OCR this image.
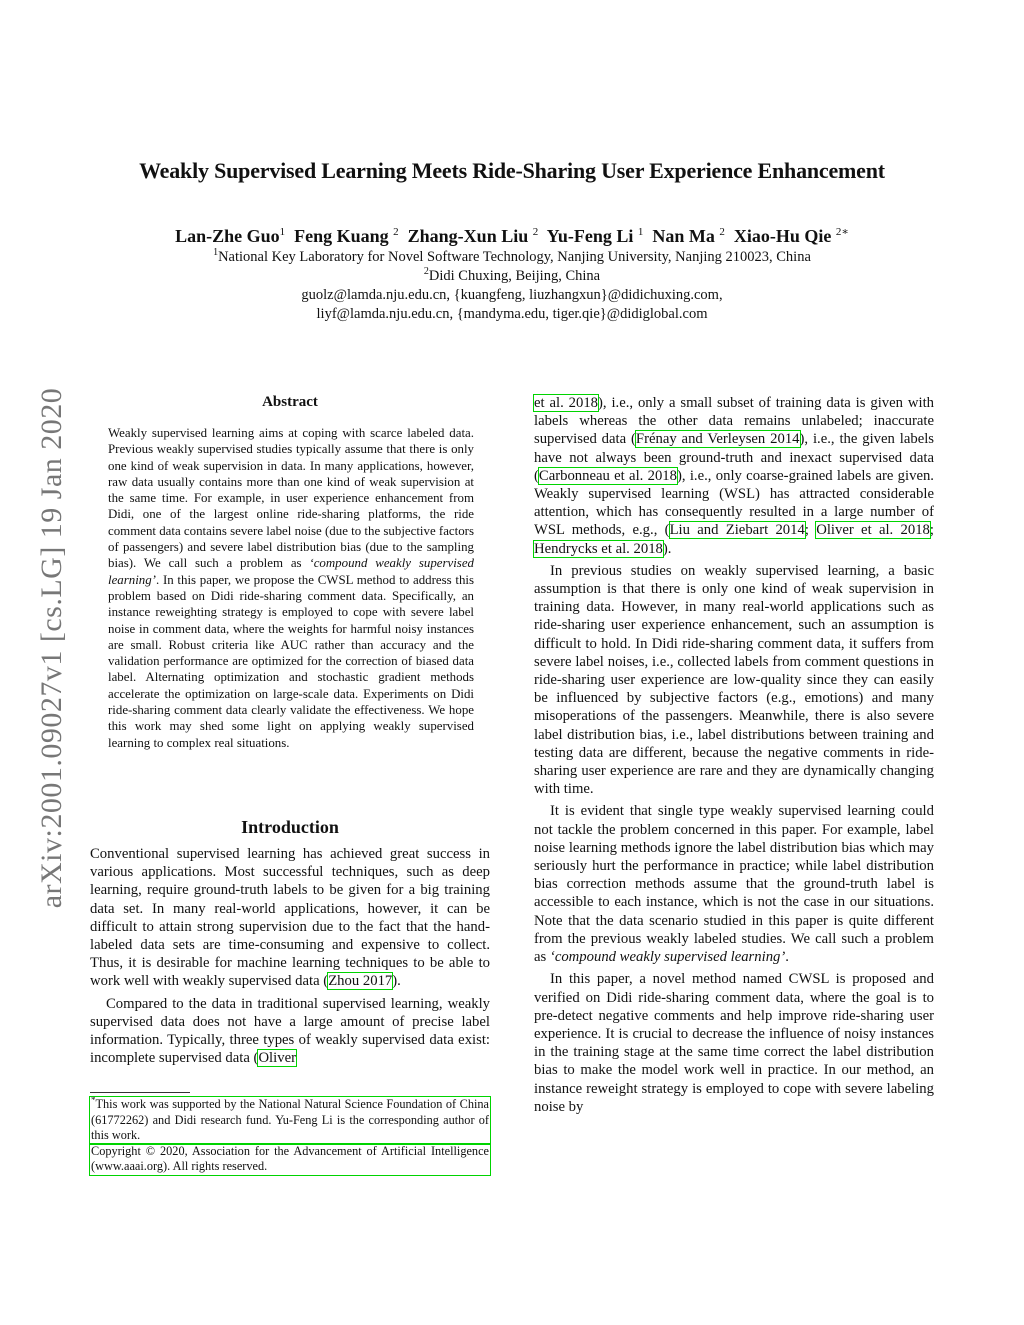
Weakly Supervised Learning Meets Ride-Sharing User Experience Enhancement
Lan-Zhe Guo$^1$ Feng Kuang $^2$ Zhang-Xun Liu $^2$ Yu-Feng Li $^1$ Nan Ma $^2$ Xiao-Hu Qie $^{2∗}$
$^1$National Key Laboratory for Novel Software Technology, Nanjing University, Nanjing 210023, China
$^2$Didi Chuxing, Beijing, China
guolz@lamda.nju.edu.cn, {kuangfeng, liuzhangxun}@didichuxing.com,
liyf@lamda.nju.edu.cn, {mandyma.edu, tiger.qie}@didiglobal.com
arXiv:2001.09027v1 [cs.LG] 19 Jan 2020	Abstract
Weakly supervised learning aims at coping with scarce labeled data. Previous weakly supervised studies typically assume that there is only one kind of weak supervision in data. In many applications, however, raw data usually contains more than one kind of weak supervision at the same time. For example, in user experience enhancement from Didi, one of the largest online ride-sharing platforms, the ride comment data contains severe label noise (due to the subjective factors of passengers) and severe label distribution bias (due to the sampling bias). We call such a problem as ‘compound weakly supervised learning’. In this paper, we propose the CWSL method to address this problem based on Didi ride-sharing comment data. Specifically, an instance reweighting strategy is employed to cope with severe label noise in comment data, where the weights for harmful noisy instances are small. Robust criteria like AUC rather than accuracy and the validation performance are optimized for the correction of biased data label. Alternating optimization and stochastic gradient methods accelerate the optimization on large-scale data. Experiments on Didi ride-sharing comment data clearly validate the effectiveness. We hope this work may shed some light on applying weakly supervised learning to complex real situations.
Introduction

Conventional supervised learning has achieved great success in various applications. Most successful techniques, such as deep learning, require ground-truth labels to be given for a big training data set. In many real-world applications, however, it can be difficult to attain strong supervision due to the fact that the hand-labeled data sets are time-consuming and expensive to collect. Thus, it is desirable for machine learning techniques to be able to work well with weakly supervised data (Zhou 2017).

Compared to the data in traditional supervised learning, weakly supervised data does not have a large amount of precise label information. Typically, three types of weakly supervised data exist: incomplete supervised data (Oliver

*This work was supported by the National Natural Science Foundation of China (61772262) and Didi research fund. Yu-Feng Li is the corresponding author of this work.
Copyright © 2020, Association for the Advancement of Artificial Intelligence (www.aaai.org). All rights reserved.

et al. 2018), i.e., only a small subset of training data is given with labels whereas the other data remains unlabeled; inaccurate supervised data (Frénay and Verleysen 2014), i.e., the given labels have not always been ground-truth and inexact supervised data (Carbonneau et al. 2018), i.e., only coarse-grained labels are given. Weakly supervised learning (WSL) has attracted considerable attention, which has consequently resulted in a large number of WSL methods, e.g., (Liu and Ziebart 2014; Oliver et al. 2018; Hendrycks et al. 2018).

In previous studies on weakly supervised learning, a basic assumption is that there is only one kind of weak supervision in training data. However, in many real-world applications such as ride-sharing user experience enhancement, such an assumption is difficult to hold. In Didi ride-sharing comment data, it suffers from severe label noises, i.e., collected labels from comment questions in ride-sharing user experience are low-quality since they can easily be influenced by subjective factors (e.g., emotions) and many misoperations of the passengers. Meanwhile, there is also severe label distribution bias, i.e., label distributions between training and testing data are different, because the negative comments in ride-sharing user experience are rare and they are dynamically changing with time.

It is evident that single type weakly supervised learning could not tackle the problem concerned in this paper. For example, label noise learning methods ignore the label distribution bias which may seriously hurt the performance in practice; while label distribution bias correction methods assume that the ground-truth label is accessible to each instance, which is not the case in our situations. Note that the data scenario studied in this paper is quite different from the previous weakly labeled studies. We call such a problem as ‘compound weakly supervised learning’.

In this paper, a novel method named CWSL is proposed and verified on Didi ride-sharing comment data, where the goal is to pre-detect negative comments and help improve ride-sharing user experience. It is crucial to decrease the influence of noisy instances in the training stage at the same time correct the label distribution bias to make the model work well in practice. In our method, an instance reweight strategy is employed to cope with severe labeling noise by
